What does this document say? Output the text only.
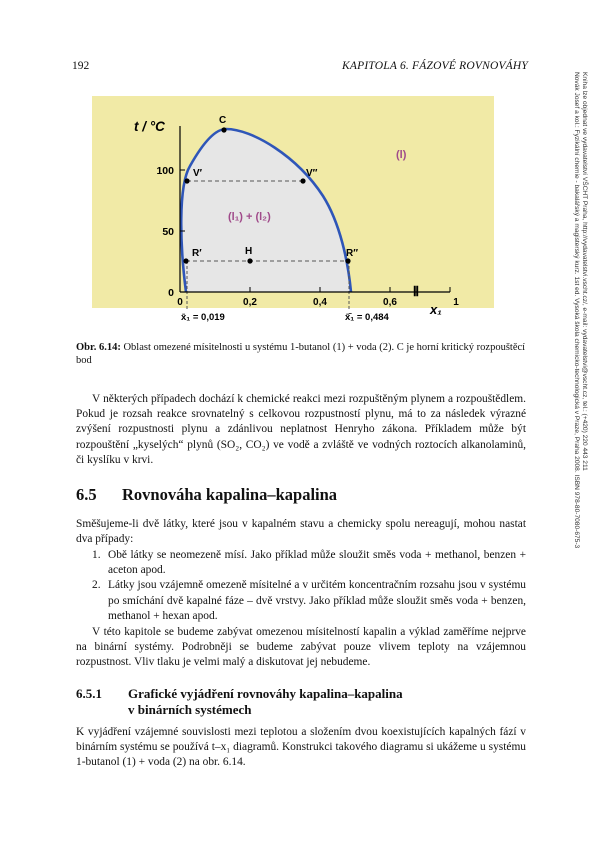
192	KAPITOLA 6. FÁZOVÉ ROVNOVÁHY
Novák Josef a kol.: Fyzikální chemie - bakalářský a magisterský kurz. 1st ed. Vysoká škola chemicko-technologická v Praze, Praha 2008. ISBN 978-80-7080-675-3 Kniha lze objednat ve vydavatelství VŠCHT Praha, http://vydavatelstvi.vscht.cz/, e-mail: vydavatelstvi@vscht.cz, tel.: (+420) 220 443 211
0
50
100
0	0,2	0,4	0,6	1
⦀
t / °C
x₁
x̄₁ = 0,019	x̄̄₁ = 0,484
(l)
(l₁) + (l₂)
C
V′	V″
R′	H	R″
Obr. 6.14: Oblast omezené mísitelnosti u systému 1-butanol (1) + voda (2). C je horní kritický rozpouštěcí bod

V některých případech dochází k chemické reakci mezi rozpuštěným plynem a rozpouštědlem. Pokud je rozsah reakce srovnatelný s celkovou rozpustností plynu, má to za následek výrazné zvýšení rozpustnosti plynu a zdánlivou neplatnost Henryho zákona. Příkladem může být rozpouštění „kyselých“ plynů (SO₂, CO₂) ve vodě a zvláště ve vodných roztocích alkanolaminů, či kyslíku v krvi.

6.5 Rovnováha kapalina–kapalina

Směšujeme-li dvě látky, které jsou v kapalném stavu a chemicky spolu nereagují, mohou nastat dva případy:

1. Obě látky se neomezeně mísí. Jako příklad může sloužit směs voda + methanol, benzen + aceton apod.
2. Látky jsou vzájemně omezeně mísitelné a v určitém koncentračním rozsahu jsou v systému po smíchání dvě kapalné fáze – dvě vrstvy. Jako příklad může sloužit směs voda + benzen, methanol + hexan apod.

V této kapitole se budeme zabývat omezenou mísitelností kapalin a výklad zaměříme nejprve na binární systémy. Podrobněji se budeme zabývat pouze vlivem teploty na vzájemnou rozpustnost. Vliv tlaku je velmi malý a diskutovat jej nebudeme.

6.5.1 Grafické vyjádření rovnováhy kapalina–kapalina
v binárních systémech

K vyjádření vzájemné souvislosti mezi teplotou a složením dvou koexistujících kapalných fází v binárním systému se používá t–x₁ diagramů. Konstrukci takového diagramu si ukážeme u systému 1-butanol (1) + voda (2) na obr. 6.14.
